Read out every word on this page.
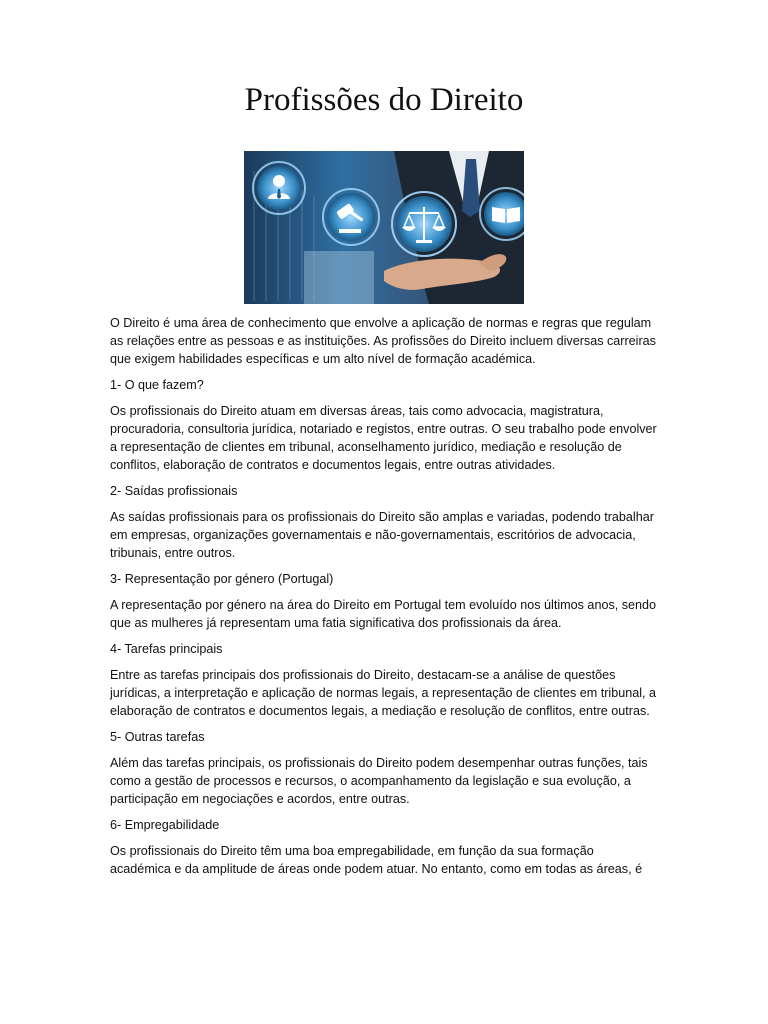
Profissões do Direito

O Direito é uma área de conhecimento que envolve a aplicação de normas e regras que regulam as relações entre as pessoas e as instituições. As profissões do Direito incluem diversas carreiras que exigem habilidades específicas e um alto nível de formação académica.

1- O que fazem?

Os profissionais do Direito atuam em diversas áreas, tais como advocacia, magistratura, procuradoria, consultoria jurídica, notariado e registos, entre outras. O seu trabalho pode envolver a representação de clientes em tribunal, aconselhamento jurídico, mediação e resolução de conflitos, elaboração de contratos e documentos legais, entre outras atividades.

2- Saídas profissionais

As saídas profissionais para os profissionais do Direito são amplas e variadas, podendo trabalhar em empresas, organizações governamentais e não-governamentais, escritórios de advocacia, tribunais, entre outros.

3- Representação por género (Portugal)

A representação por género na área do Direito em Portugal tem evoluído nos últimos anos, sendo que as mulheres já representam uma fatia significativa dos profissionais da área.

4- Tarefas principais

Entre as tarefas principais dos profissionais do Direito, destacam-se a análise de questões jurídicas, a interpretação e aplicação de normas legais, a representação de clientes em tribunal, a elaboração de contratos e documentos legais, a mediação e resolução de conflitos, entre outras.

5- Outras tarefas

Além das tarefas principais, os profissionais do Direito podem desempenhar outras funções, tais como a gestão de processos e recursos, o acompanhamento da legislação e sua evolução, a participação em negociações e acordos, entre outras.

6- Empregabilidade

Os profissionais do Direito têm uma boa empregabilidade, em função da sua formação académica e da amplitude de áreas onde podem atuar. No entanto, como em todas as áreas, é
